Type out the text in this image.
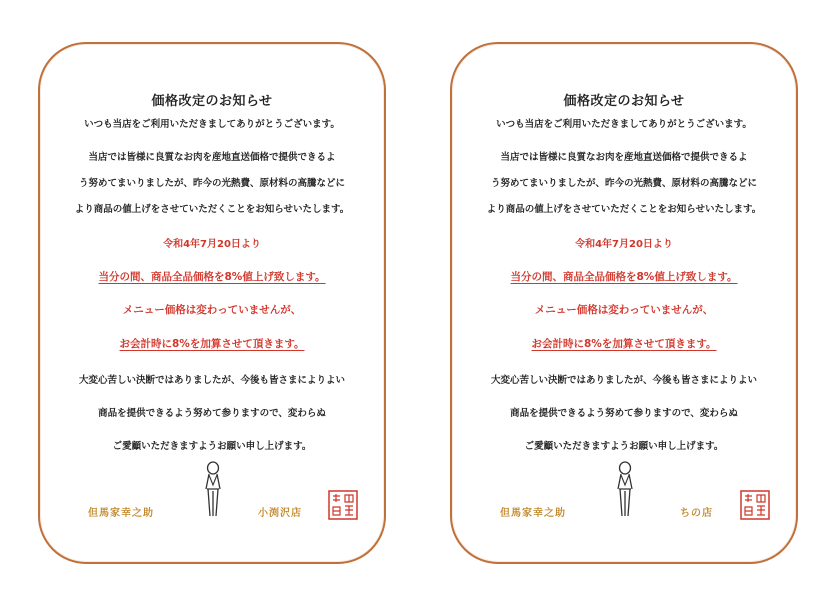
価格改定のお知らせ
いつも当店をご利用いただきましてありがとうございます。
当店では皆様に良質なお肉を産地直送価格で提供できるよ
う努めてまいりましたが、昨今の光熱費、原材料の高騰などに
より商品の値上げをさせていただくことをお知らせいたします。
令和4年7月20日より
当分の間、商品全品価格を8%値上げ致します。
メニュー価格は変わっていませんが、
お会計時に8%を加算させて頂きます。
大変心苦しい決断ではありましたが、今後も皆さまによりよい
商品を提供できるよう努めて参りますので、変わらぬ
ご愛顧いただきますようお願い申し上げます。
但馬家幸之助	小渕沢店
価格改定のお知らせ
いつも当店をご利用いただきましてありがとうございます。
当店では皆様に良質なお肉を産地直送価格で提供できるよ
う努めてまいりましたが、昨今の光熱費、原材料の高騰などに
より商品の値上げをさせていただくことをお知らせいたします。
令和4年7月20日より
当分の間、商品全品価格を8%値上げ致します。
メニュー価格は変わっていませんが、
お会計時に8%を加算させて頂きます。
大変心苦しい決断ではありましたが、今後も皆さまによりよい
商品を提供できるよう努めて参りますので、変わらぬ
ご愛顧いただきますようお願い申し上げます。
但馬家幸之助	ちの店
